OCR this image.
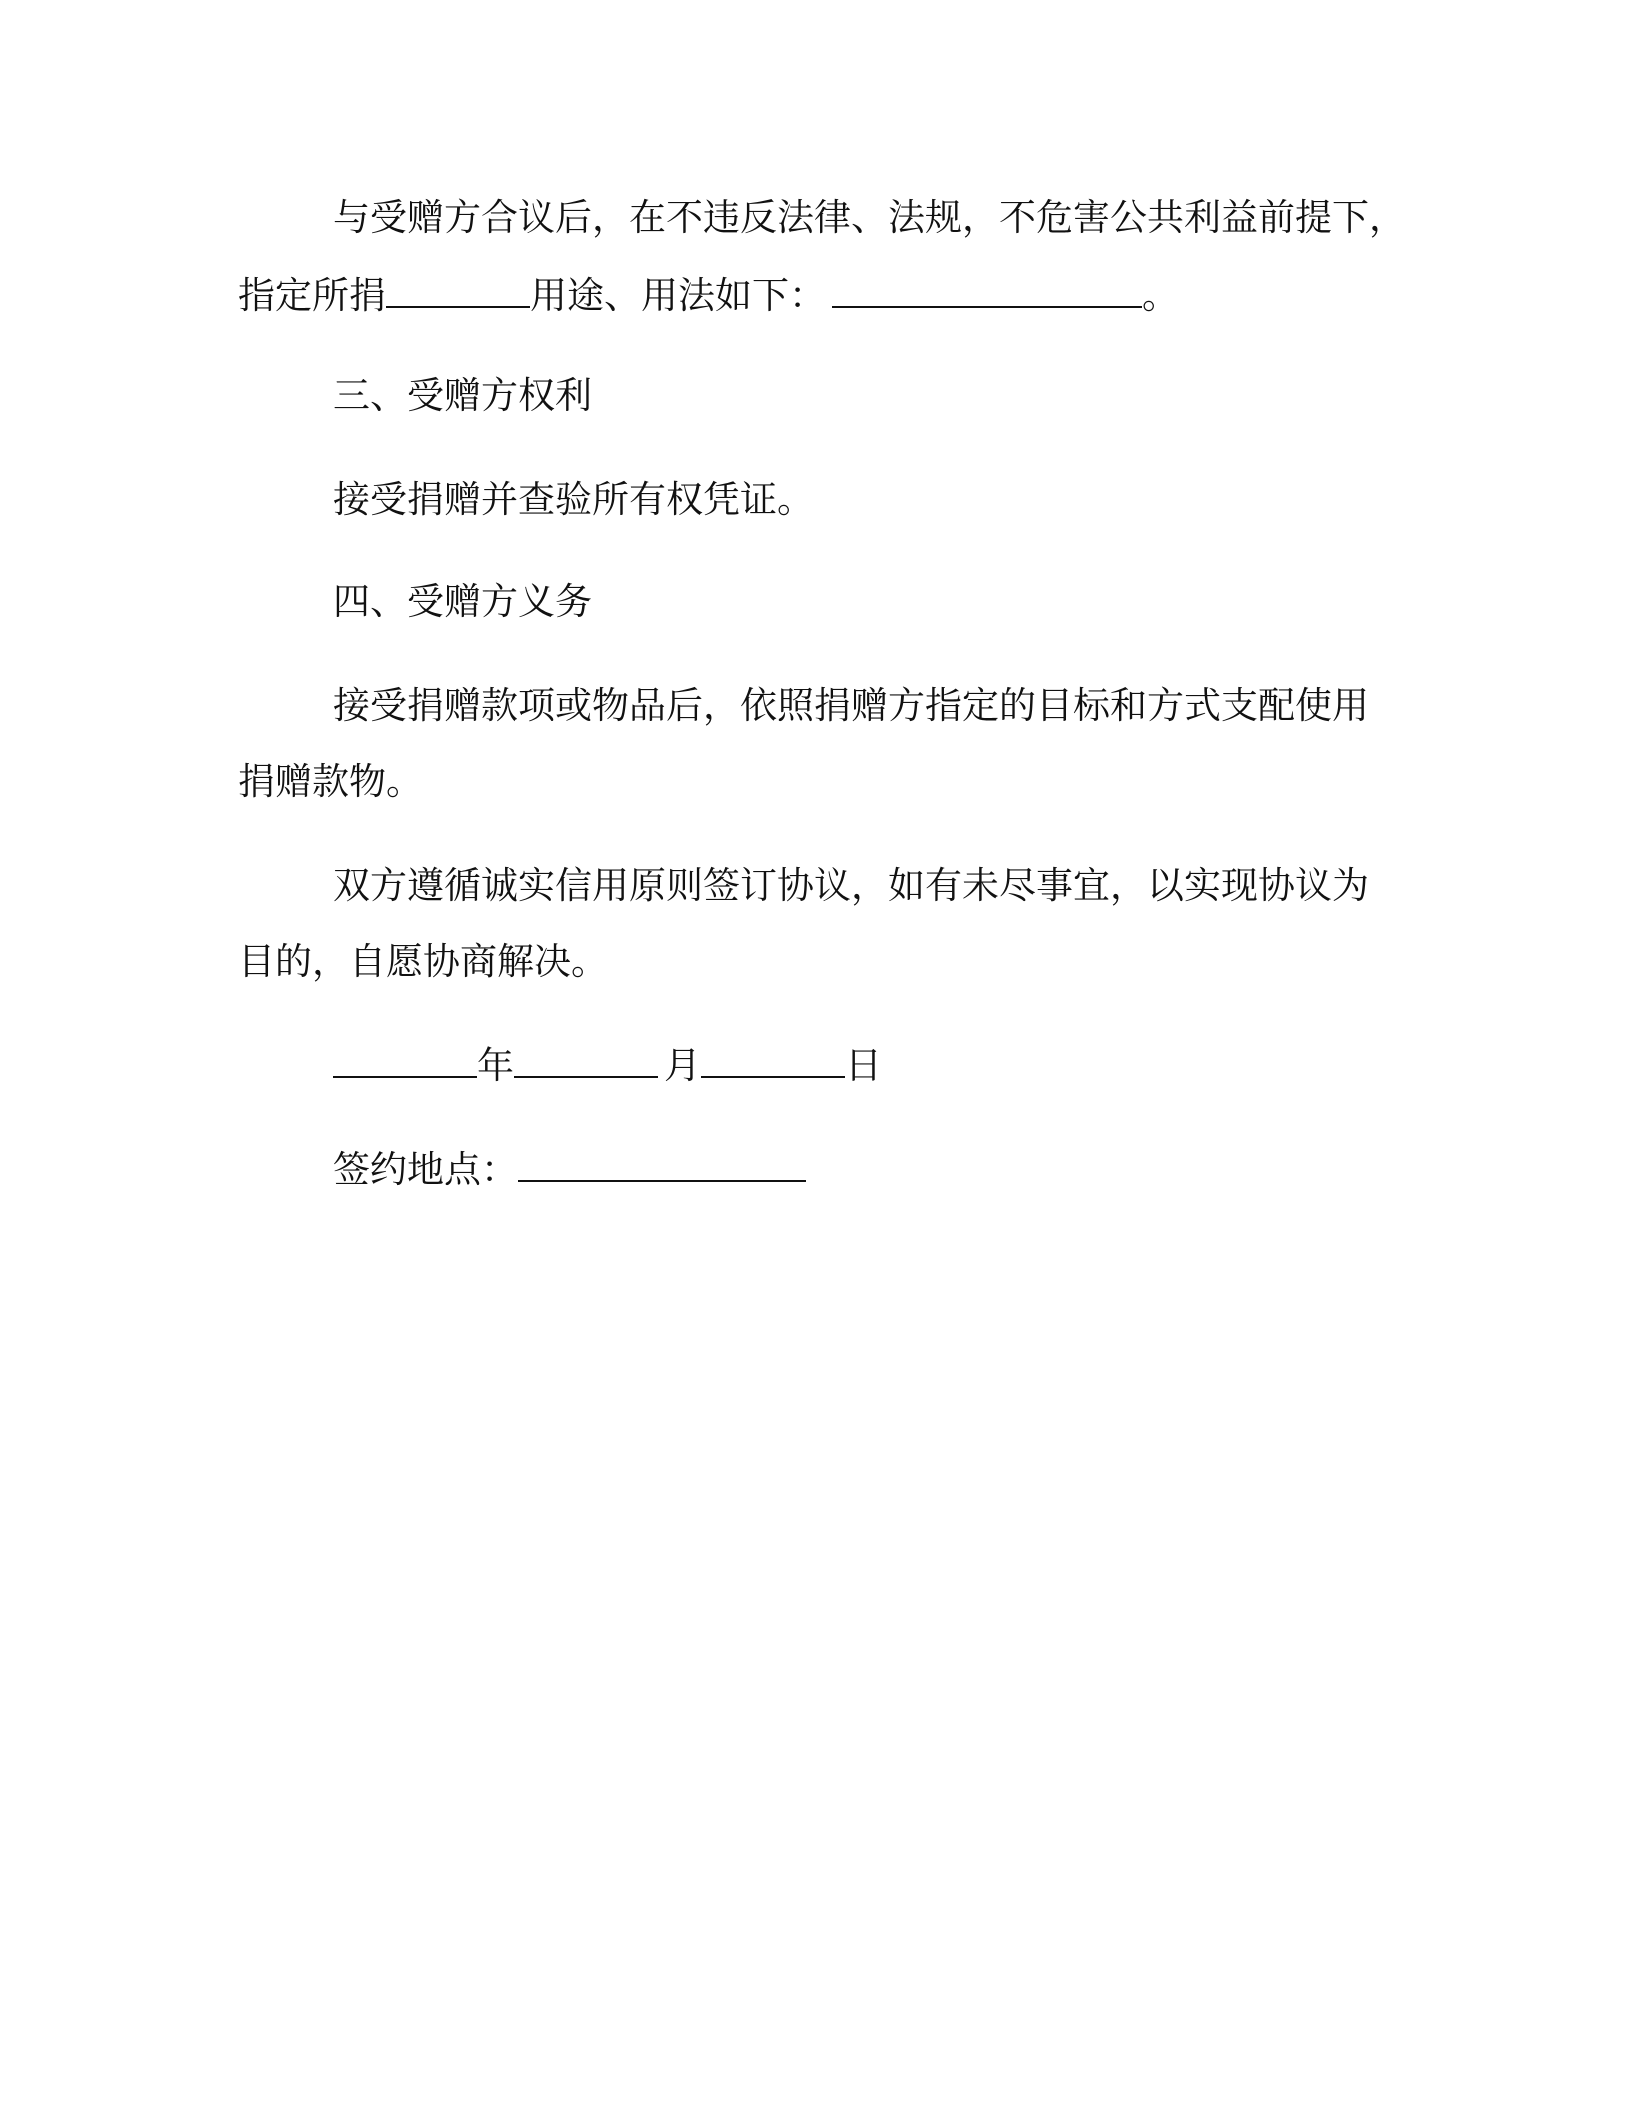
与受赠方合议后，在不违反法律、法规，不危害公共利益前提下，
指定所捐	用途、用法如下：	。
三、受赠方权利
接受捐赠并查验所有权凭证。
四、受赠方义务
接受捐赠款项或物品后，依照捐赠方指定的目标和方式支配使用
捐赠款物。
双方遵循诚实信用原则签订协议，如有未尽事宜，以实现协议为
目的，自愿协商解决。
年	月	日
签约地点：
